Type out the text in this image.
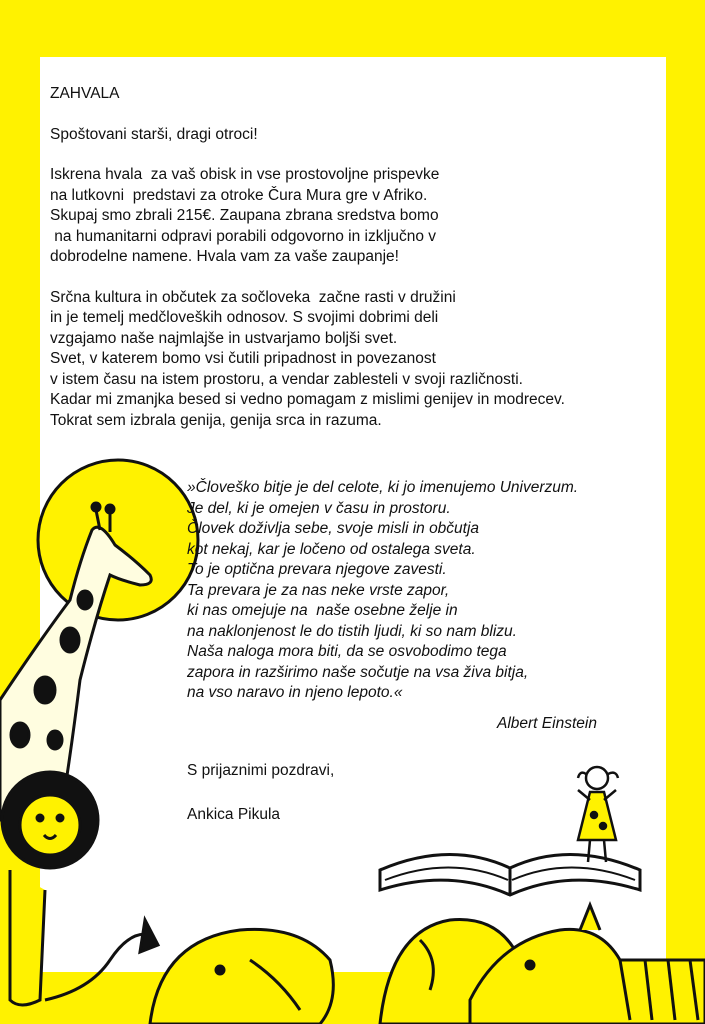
ZAHVALA

Spoštovani starši, dragi otroci!

Iskrena hvala  za vaš obisk in vse prostovoljne prispevke

na lutkovni  predstavi za otroke Čura Mura gre v Afriko.

Skupaj smo zbrali 215€. Zaupana zbrana sredstva bomo

na humanitarni odpravi porabili odgovorno in izključno v

dobrodelne namene. Hvala vam za vaše zaupanje!

Srčna kultura in občutek za sočloveka  začne rasti v družini

in je temelj medčloveških odnosov. S svojimi dobrimi deli

vzgajamo naše najmlajše in ustvarjamo boljši svet.

Svet, v katerem bomo vsi čutili pripadnost in povezanost

v istem času na istem prostoru, a vendar zablesteli v svoji različnosti.

Kadar mi zmanjka besed si vedno pomagam z mislimi genijev in modrecev.

Tokrat sem izbrala genija, genija srca in razuma.

»Človeško bitje je del celote, ki jo imenujemo Univerzum.

Je del, ki je omejen v času in prostoru.

Človek doživlja sebe, svoje misli in občutja

kot nekaj, kar je ločeno od ostalega sveta.

To je optična prevara njegove zavesti.

Ta prevara je za nas neke vrste zapor,

ki nas omejuje na  naše osebne želje in

na naklonjenost le do tistih ljudi, ki so nam blizu.

Naša naloga mora biti, da se osvobodimo tega

zapora in razširimo naše sočutje na vsa živa bitja,

na vso naravo in njeno lepoto.«

Albert Einstein
S prijaznimi pozdravi,
Ankica Pikula
